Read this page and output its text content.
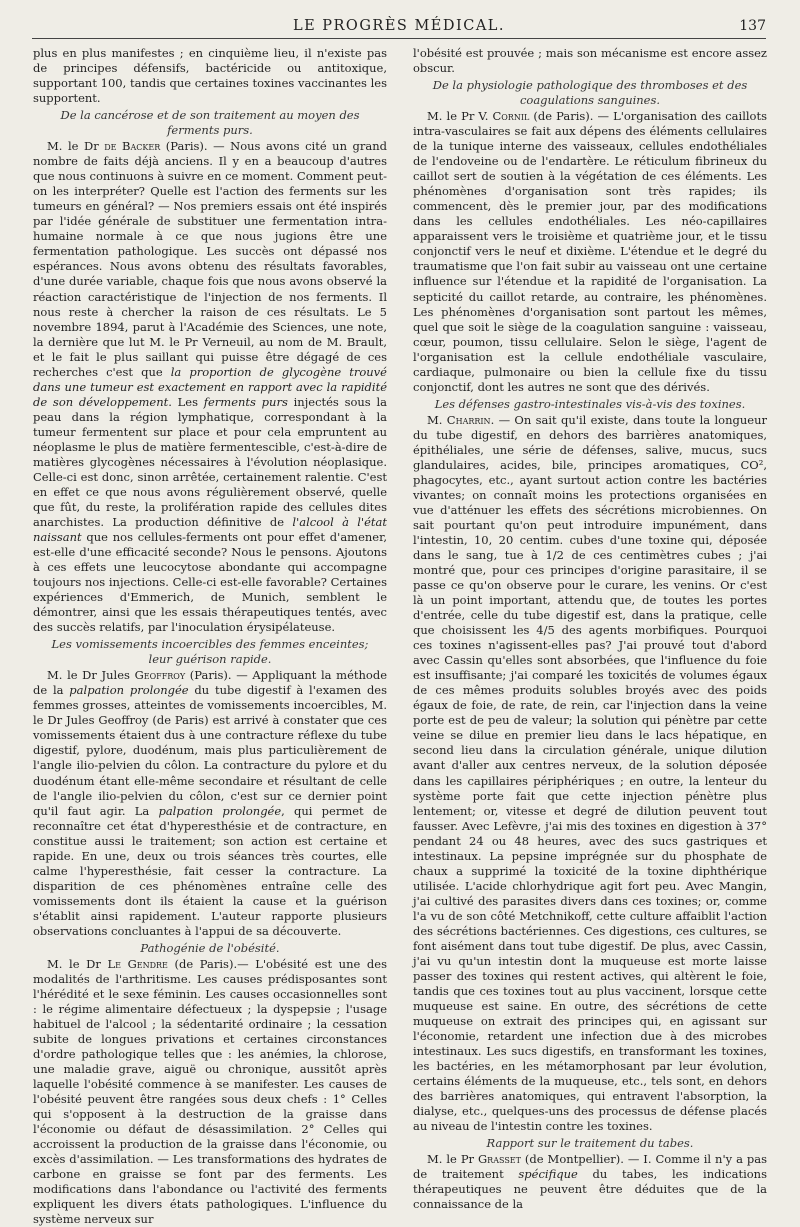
LE PROGRÈS MÉDICAL.	137

plus en plus manifestes ; en cinquième lieu, il n'existe pas de principes défensifs, bactéricide ou antitoxique, supportant 100, tandis que certaines toxines vaccinantes les supportent.

De la cancérose et de son traitement au moyen des ferments purs.

M. le Dr de Backer (Paris). — Nous avons cité un grand nombre de faits déjà anciens. Il y en a beaucoup d'autres que nous continuons à suivre en ce moment. Comment peut-on les interpréter? Quelle est l'action des ferments sur les tumeurs en général? — Nos premiers essais ont été inspirés par l'idée générale de substituer une fermentation intra-humaine normale à ce que nous jugions être une fermentation pathologique. Les succès ont dépassé nos espérances. Nous avons obtenu des résultats favorables, d'une durée variable, chaque fois que nous avons observé la réaction caractéristique de l'injection de nos ferments. Il nous reste à chercher la raison de ces résultats. Le 5 novembre 1894, parut à l'Académie des Sciences, une note, la dernière que lut M. le Pr Verneuil, au nom de M. Brault, et le fait le plus saillant qui puisse être dégagé de ces recherches c'est que la proportion de glycogène trouvé dans une tumeur est exactement en rapport avec la rapidité de son développement. Les ferments purs injectés sous la peau dans la région lymphatique, correspondant à la tumeur fermentent sur place et pour cela empruntent au néoplasme le plus de matière fermentescible, c'est-à-dire de matières glycogènes nécessaires à l'évolution néoplasique. Celle-ci est donc, sinon arrêtée, certainement ralentie. C'est en effet ce que nous avons régulièrement observé, quelle que fût, du reste, la prolifération rapide des cellules dites anarchistes. La production définitive de l'alcool à l'état naissant que nos cellules-ferments ont pour effet d'amener, est-elle d'une efficacité seconde? Nous le pensons. Ajoutons à ces effets une leucocytose abondante qui accompagne toujours nos injections. Celle-ci est-elle favorable? Certaines expériences d'Emmerich, de Munich, semblent le démontrer, ainsi que les essais thérapeutiques tentés, avec des succès relatifs, par l'inoculation érysipélateuse.

Les vomissements incoercibles des femmes enceintes; leur guérison rapide.

M. le Dr Jules Geoffroy (Paris). — Appliquant la méthode de la palpation prolongée du tube digestif à l'examen des femmes grosses, atteintes de vomissements incoercibles, M. le Dr Jules Geoffroy (de Paris) est arrivé à constater que ces vomissements étaient dus à une contracture réflexe du tube digestif, pylore, duodénum, mais plus particulièrement de l'angle ilio-pelvien du côlon. La contracture du pylore et du duodénum étant elle-même secondaire et résultant de celle de l'angle ilio-pelvien du côlon, c'est sur ce dernier point qu'il faut agir. La palpation prolongée, qui permet de reconnaître cet état d'hyperesthésie et de contracture, en constitue aussi le traitement; son action est certaine et rapide. En une, deux ou trois séances très courtes, elle calme l'hyperesthésie, fait cesser la contracture. La disparition de ces phénomènes entraîne celle des vomissements dont ils étaient la cause et la guérison s'établit ainsi rapidement. L'auteur rapporte plusieurs observations concluantes à l'appui de sa découverte.

Pathogénie de l'obésité.

M. le Dr Le Gendre (de Paris).— L'obésité est une des modalités de l'arthritisme. Les causes prédisposantes sont l'hérédité et le sexe féminin. Les causes occasionnelles sont : le régime alimentaire défectueux ; la dyspepsie ; l'usage habituel de l'alcool ; la sédentarité ordinaire ; la cessation subite de longues privations et certaines circonstances d'ordre pathologique telles que : les anémies, la chlorose, une maladie grave, aiguë ou chronique, aussitôt après laquelle l'obésité commence à se manifester. Les causes de l'obésité peuvent être rangées sous deux chefs : 1° Celles qui s'opposent à la destruction de la graisse dans l'économie ou défaut de désassimilation. 2° Celles qui accroissent la production de la graisse dans l'économie, ou excès d'assimilation. — Les transformations des hydrates de carbone en graisse se font par des ferments. Les modifications dans l'abondance ou l'activité des ferments expliquent les divers états pathologiques. L'influence du système nerveux sur

l'obésité est prouvée ; mais son mécanisme est encore assez obscur.

De la physiologie pathologique des thromboses et des coagulations sanguines.

M. le Pr V. Cornil (de Paris). — L'organisation des caillots intra-vasculaires se fait aux dépens des éléments cellulaires de la tunique interne des vaisseaux, cellules endothéliales de l'endoveine ou de l'endartère. Le réticulum fibrineux du caillot sert de soutien à la végétation de ces éléments. Les phénomènes d'organisation sont très rapides; ils commencent, dès le premier jour, par des modifications dans les cellules endothéliales. Les néo-capillaires apparaissent vers le troisième et quatrième jour, et le tissu conjonctif vers le neuf et dixième. L'étendue et le degré du traumatisme que l'on fait subir au vaisseau ont une certaine influence sur l'étendue et la rapidité de l'organisation. La septicité du caillot retarde, au contraire, les phénomènes. Les phénomènes d'organisation sont partout les mêmes, quel que soit le siège de la coagulation sanguine : vaisseau, cœur, poumon, tissu cellulaire. Selon le siège, l'agent de l'organisation est la cellule endothéliale vasculaire, cardiaque, pulmonaire ou bien la cellule fixe du tissu conjonctif, dont les autres ne sont que des dérivés.

Les défenses gastro-intestinales vis-à-vis des toxines.

M. Charrin. — On sait qu'il existe, dans toute la longueur du tube digestif, en dehors des barrières anatomiques, épithéliales, une série de défenses, salive, mucus, sucs glandulaires, acides, bile, principes aromatiques, CO², phagocytes, etc., ayant surtout action contre les bactéries vivantes; on connaît moins les protections organisées en vue d'atténuer les effets des sécrétions microbiennes. On sait pourtant qu'on peut introduire impunément, dans l'intestin, 10, 20 centim. cubes d'une toxine qui, déposée dans le sang, tue à 1/2 de ces centimètres cubes ; j'ai montré que, pour ces principes d'origine parasitaire, il se passe ce qu'on observe pour le curare, les venins. Or c'est là un point important, attendu que, de toutes les portes d'entrée, celle du tube digestif est, dans la pratique, celle que choisissent les 4/5 des agents morbifiques. Pourquoi ces toxines n'agissent-elles pas? J'ai prouvé tout d'abord avec Cassin qu'elles sont absorbées, que l'influence du foie est insuffisante; j'ai comparé les toxicités de volumes égaux de ces mêmes produits solubles broyés avec des poids égaux de foie, de rate, de rein, car l'injection dans la veine porte est de peu de valeur; la solution qui pénètre par cette veine se dilue en premier lieu dans le lacs hépatique, en second lieu dans la circulation générale, unique dilution avant d'aller aux centres nerveux, de la solution déposée dans les capillaires périphériques ; en outre, la lenteur du système porte fait que cette injection pénètre plus lentement; or, vitesse et degré de dilution peuvent tout fausser. Avec Lefèvre, j'ai mis des toxines en digestion à 37° pendant 24 ou 48 heures, avec des sucs gastriques et intestinaux. La pepsine imprégnée sur du phosphate de chaux a supprimé la toxicité de la toxine diphthérique utilisée. L'acide chlorhydrique agit fort peu. Avec Mangin, j'ai cultivé des parasites divers dans ces toxines; or, comme l'a vu de son côté Metchnikoff, cette culture affaiblit l'action des sécrétions bactériennes. Ces digestions, ces cultures, se font aisément dans tout tube digestif. De plus, avec Cassin, j'ai vu qu'un intestin dont la muqueuse est morte laisse passer des toxines qui restent actives, qui altèrent le foie, tandis que ces toxines tout au plus vaccinent, lorsque cette muqueuse est saine. En outre, des sécrétions de cette muqueuse on extrait des principes qui, en agissant sur l'économie, retardent une infection due à des microbes intestinaux. Les sucs digestifs, en transformant les toxines, les bactéries, en les métamorphosant par leur évolution, certains éléments de la muqueuse, etc., tels sont, en dehors des barrières anatomiques, qui entravent l'absorption, la dialyse, etc., quelques-uns des processus de défense placés au niveau de l'intestin contre les toxines.

Rapport sur le traitement du tabes.

M. le Pr Grasset (de Montpellier). — I. Comme il n'y a pas de traitement spécifique du tabes, les indications thérapeutiques ne peuvent être déduites que de la connaissance de la
